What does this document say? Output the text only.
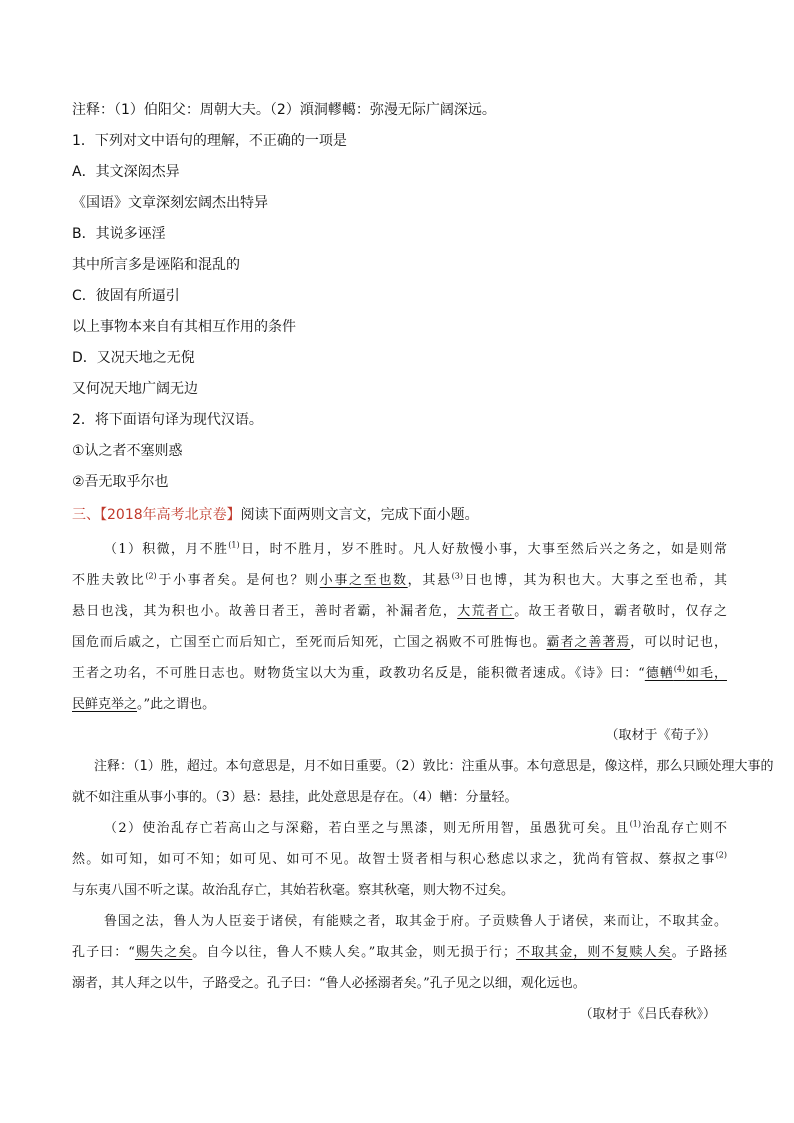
注释：（1）伯阳父：周朝大夫。（2）澒洞轇轕：弥漫无际广阔深远。
1．下列对文中语句的理解，不正确的一项是
A．其文深闳杰异
《国语》文章深刻宏阔杰出特异
B．其说多诬淫
其中所言多是诬陷和混乱的
C．彼固有所逼引
以上事物本来自有其相互作用的条件
D．又况天地之无倪
又何况天地广阔无边
2．将下面语句译为现代汉语。
①认之者不塞则惑
②吾无取乎尔也
三、【2018年高考北京卷】阅读下面两则文言文，完成下面小题。
（1）积微，月不胜$^{(1)}$日，时不胜月，岁不胜时。凡人好敖慢小事，大事至然后兴之务之，如是则常
不胜夫敦比$^{(2)}$于小事者矣。是何也？则小事之至也数，其悬$^{(3)}$日也博，其为积也大。大事之至也希，其
悬日也浅，其为积也小。故善日者王，善时者霸，补漏者危，大荒者亡。故王者敬日，霸者敬时，仅存之
国危而后戚之，亡国至亡而后知亡，至死而后知死，亡国之祸败不可胜悔也。霸者之善著焉，可以时记也，
王者之功名，不可胜日志也。财物货宝以大为重，政教功名反是，能积微者速成。《诗》曰：“德輶$^{(4)}$如毛，
民鲜克举之。”此之谓也。
（取材于《荀子》）
注释：（1）胜，超过。本句意思是，月不如日重要。（2）敦比：注重从事。本句意思是，像这样，那么只顾处理大事的
就不如注重从事小事的。（3）悬：悬挂，此处意思是存在。（4）輶：分量轻。
（2）使治乱存亡若高山之与深谿，若白垩之与黑漆，则无所用智，虽愚犹可矣。且$^{(1)}$治乱存亡则不
然。如可知，如可不知；如可见、如可不见。故智士贤者相与积心愁虑以求之，犹尚有管叔、蔡叔之事$^{(2)}$
与东夷八国不听之谋。故治乱存亡，其始若秋毫。察其秋毫，则大物不过矣。
鲁国之法，鲁人为人臣妾于诸侯，有能赎之者，取其金于府。子贡赎鲁人于诸侯，来而让，不取其金。
孔子曰：“赐失之矣。自今以往，鲁人不赎人矣。”取其金，则无损于行；不取其金，则不复赎人矣。子路拯
溺者，其人拜之以牛，子路受之。孔子曰：“鲁人必拯溺者矣。”孔子见之以细，观化远也。
（取材于《吕氏春秋》）
